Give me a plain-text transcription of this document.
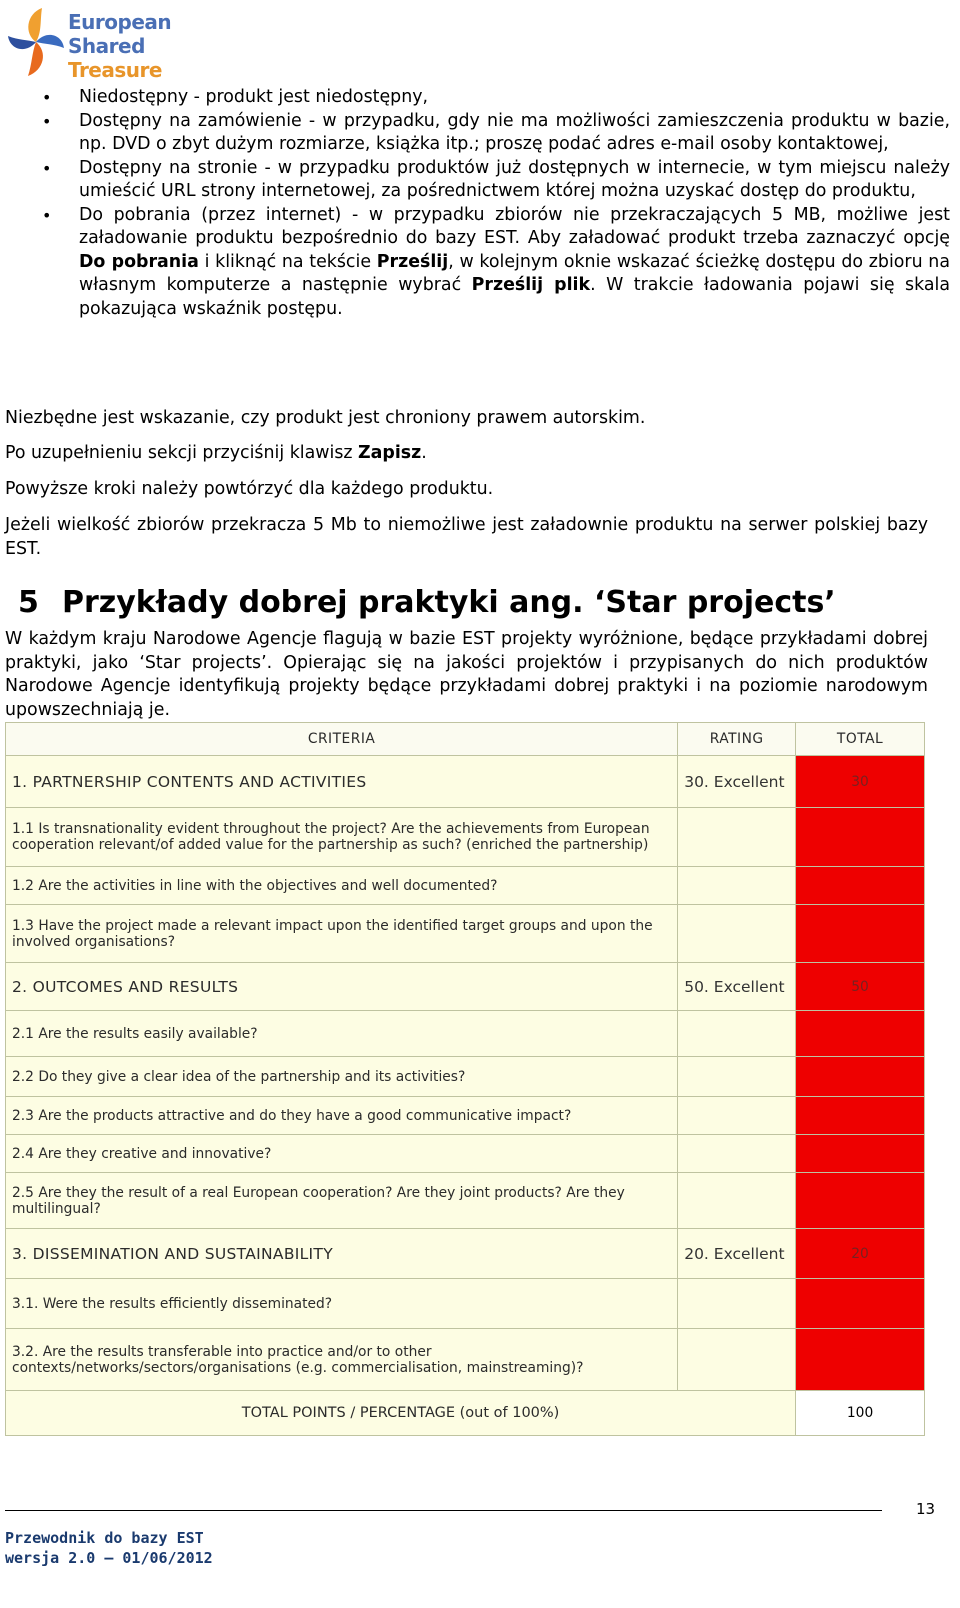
European
Shared
Treasure
• Niedostępny - produkt jest niedostępny,
• Dostępny na zamówienie - w przypadku, gdy nie ma możliwości zamieszczenia produktu w bazie, np. DVD o zbyt dużym rozmiarze, książka itp.; proszę podać adres e-mail osoby kontaktowej,
• Dostępny na stronie - w przypadku produktów już dostępnych w internecie, w tym miejscu należy umieścić URL strony internetowej, za pośrednictwem której można uzyskać dostęp do produktu,
• Do pobrania (przez internet) - w przypadku zbiorów nie przekraczających 5 MB, możliwe jest załadowanie produktu bezpośrednio do bazy EST. Aby załadować produkt trzeba zaznaczyć opcję Do pobrania i kliknąć na tekście Prześlij, w kolejnym oknie wskazać ścieżkę dostępu do zbioru na własnym komputerze a następnie wybrać Prześlij plik. W trakcie ładowania pojawi się skala pokazująca wskaźnik postępu.

Niezbędne jest wskazanie, czy produkt jest chroniony prawem autorskim.

Po uzupełnieniu sekcji przyciśnij klawisz Zapisz.

Powyższe kroki należy powtórzyć dla każdego produktu.

Jeżeli wielkość zbiorów przekracza 5 Mb to niemożliwe jest załadownie produktu na serwer polskiej bazy EST.

5 Przykłady dobrej praktyki ang. ‘Star projects’

W każdym kraju Narodowe Agencje flagują w bazie EST projekty wyróżnione, będące przykładami dobrej praktyki, jako ‘Star projects’. Opierając się na jakości projektów i przypisanych do nich produktów Narodowe Agencje identyfikują projekty będące przykładami dobrej praktyki i na poziomie narodowym upowszechniają je.

CRITERIA	RATING	TOTAL
1. PARTNERSHIP CONTENTS AND ACTIVITIES	30. Excellent	30
1.1 Is transnationality evident throughout the project? Are the achievements from European cooperation relevant/of added value for the partnership as such? (enriched the partnership)		
1.2 Are the activities in line with the objectives and well documented?		
1.3 Have the project made a relevant impact upon the identified target groups and upon the involved organisations?		
2. OUTCOMES AND RESULTS	50. Excellent	50
2.1 Are the results easily available?		
2.2 Do they give a clear idea of the partnership and its activities?		
2.3 Are the products attractive and do they have a good communicative impact?		
2.4 Are they creative and innovative?		
2.5 Are they the result of a real European cooperation? Are they joint products? Are they multilingual?		
3. DISSEMINATION AND SUSTAINABILITY	20. Excellent	20
3.1. Were the results efficiently disseminated?		
3.2. Are the results transferable into practice and/or to other contexts/networks/sectors/organisations (e.g. commercialisation, mainstreaming)?		
TOTAL POINTS / PERCENTAGE (out of 100%)		100
13
Przewodnik do bazy EST
wersja 2.0 – 01/06/2012
